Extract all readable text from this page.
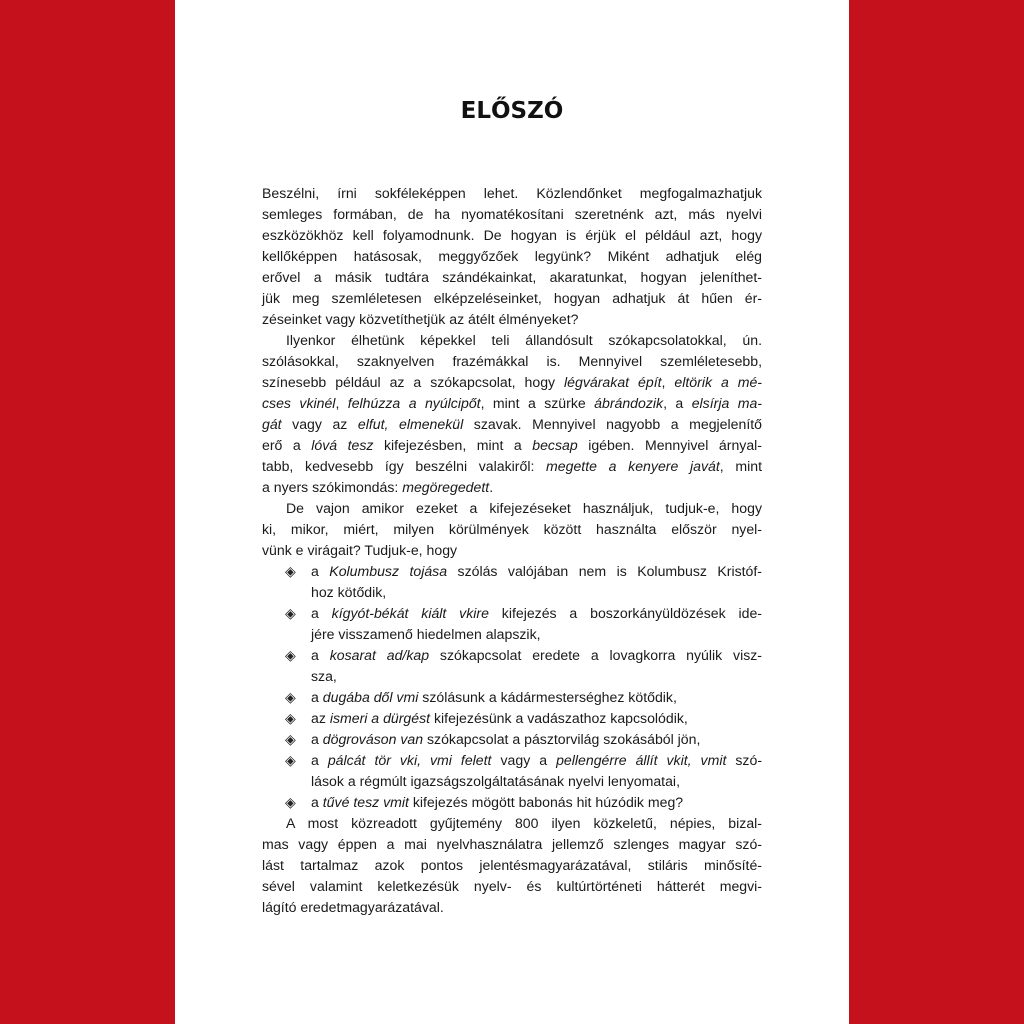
ELŐSZÓ
Beszélni, írni sokféleképpen lehet. Közlendőnket megfogalmazhatjuk
semleges formában, de ha nyomatékosítani szeretnénk azt, más nyelvi
eszközökhöz kell folyamodnunk. De hogyan is érjük el például azt, hogy
kellőképpen hatásosak, meggyőzőek legyünk? Miként adhatjuk elég
erővel a másik tudtára szándékainkat, akaratunkat, hogyan jeleníthet-
jük meg szemléletesen elképzeléseinket, hogyan adhatjuk át hűen ér-
zéseinket vagy közvetíthetjük az átélt élményeket?
Ilyenkor élhetünk képekkel teli állandósult szókapcsolatokkal, ún.
szólásokkal, szaknyelven frazémákkal is. Mennyivel szemléletesebb,
színesebb például az a szókapcsolat, hogy légvárakat épít, eltörik a mé-
cses vkinél, felhúzza a nyúlcipőt, mint a szürke ábrándozik, a elsírja ma-
gát vagy az elfut, elmenekül szavak. Mennyivel nagyobb a megjelenítő
erő a lóvá tesz kifejezésben, mint a becsap igében. Mennyivel árnyal-
tabb, kedvesebb így beszélni valakiről: megette a kenyere javát, mint
a nyers szókimondás: megöregedett.
De vajon amikor ezeket a kifejezéseket használjuk, tudjuk-e, hogy
ki, mikor, miért, milyen körülmények között használta először nyel-
vünk e virágait? Tudjuk-e, hogy
◈ a Kolumbusz tojása szólás valójában nem is Kolumbusz Kristóf-
hoz kötődik,
◈ a kígyót-békát kiált vkire kifejezés a boszorkányüldözések ide-
jére visszamenő hiedelmen alapszik,
◈ a kosarat ad/kap szókapcsolat eredete a lovagkorra nyúlik visz-
sza,
◈ a dugába dől vmi szólásunk a kádármesterséghez kötődik,
◈ az ismeri a dürgést kifejezésünk a vadászathoz kapcsolódik,
◈ a dögrováson van szókapcsolat a pásztorvilág szokásából jön,
◈ a pálcát tör vki, vmi felett vagy a pellengérre állít vkit, vmit szó-
lások a régmúlt igazságszolgáltatásának nyelvi lenyomatai,
◈ a tűvé tesz vmit kifejezés mögött babonás hit húzódik meg?
A most közreadott gyűjtemény 800 ilyen közkeletű, népies, bizal-
mas vagy éppen a mai nyelvhasználatra jellemző szlenges magyar szó-
lást tartalmaz azok pontos jelentésmagyarázatával, stiláris minősíté-
sével valamint keletkezésük nyelv- és kultúrtörténeti hátterét megvi-
lágító eredetmagyarázatával.
